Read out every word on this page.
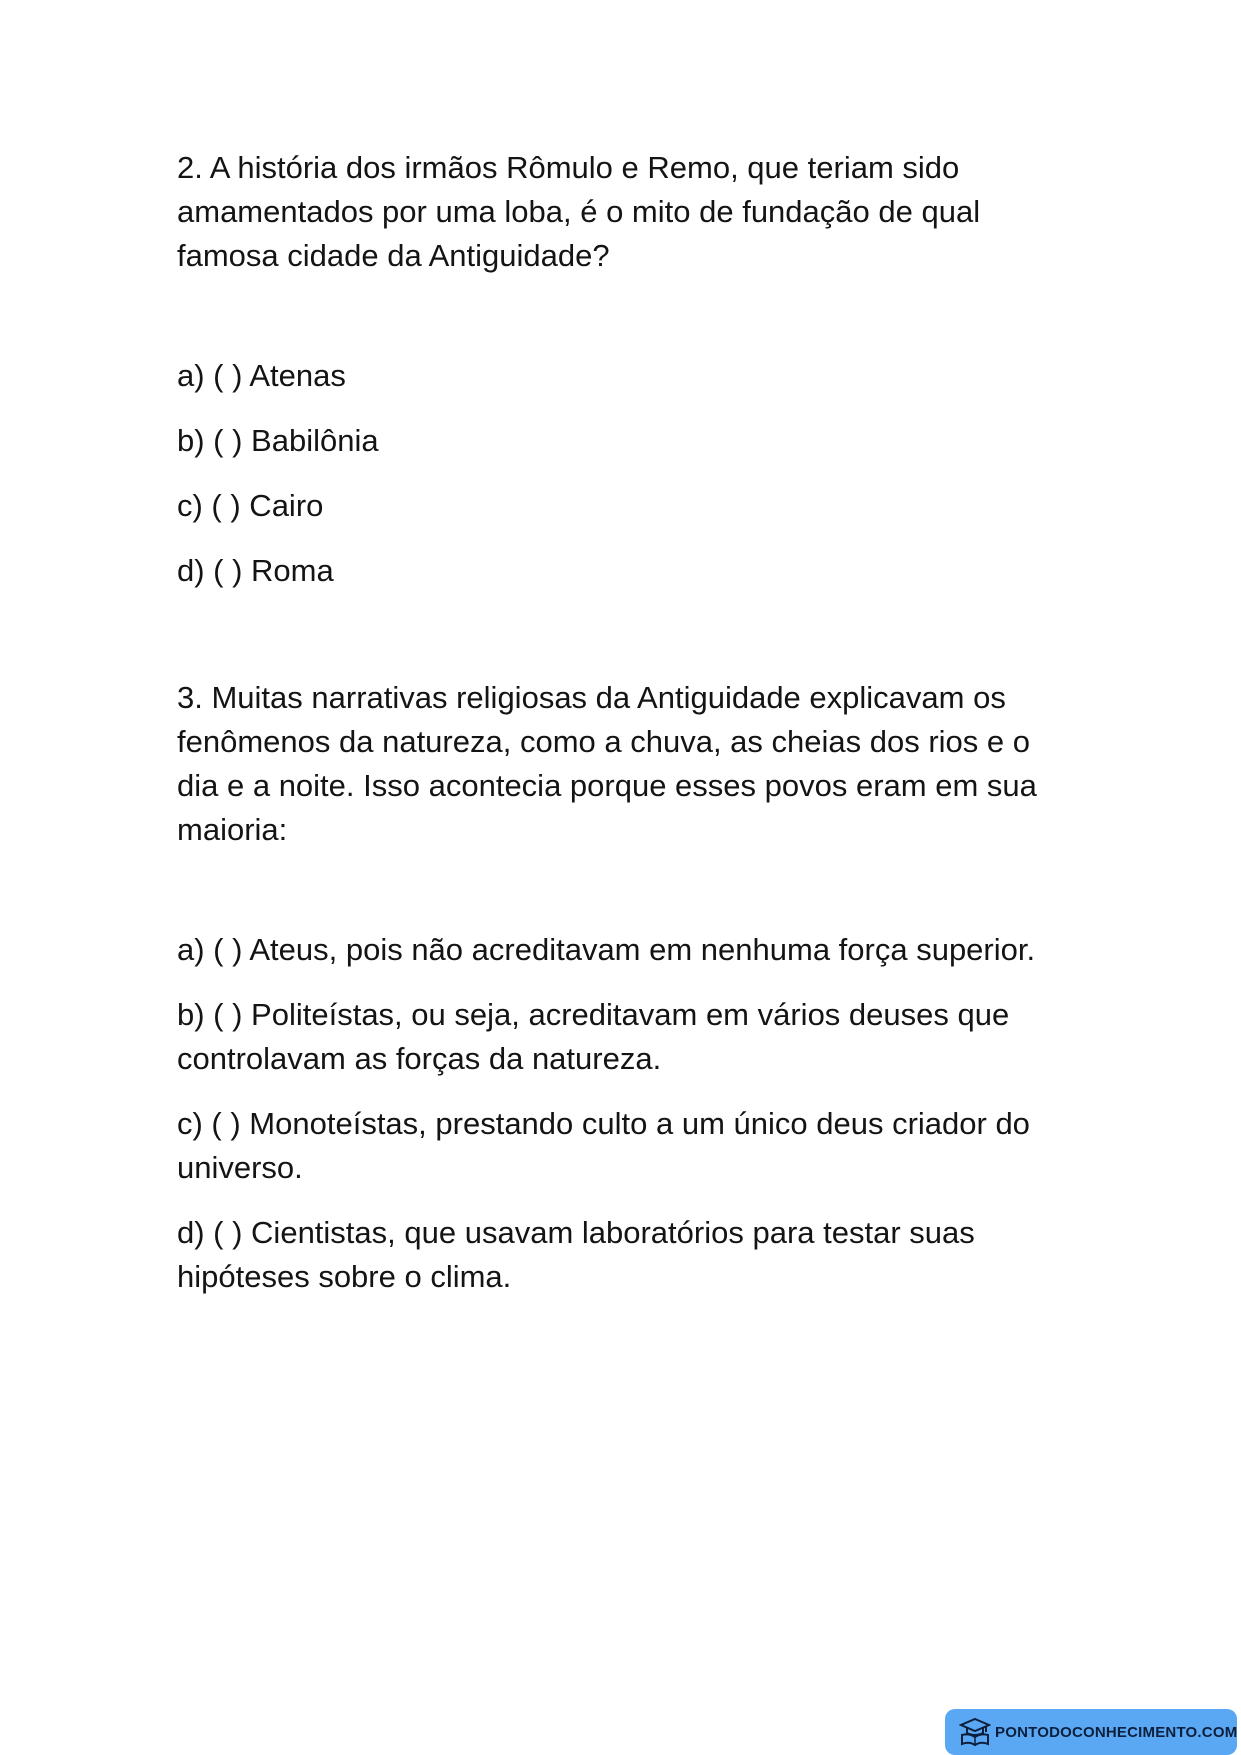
2. A história dos irmãos Rômulo e Remo, que teriam sido amamentados por uma loba, é o mito de fundação de qual famosa cidade da Antiguidade?

a) ( ) Atenas
b) ( ) Babilônia
c) ( ) Cairo
d) ( ) Roma

3. Muitas narrativas religiosas da Antiguidade explicavam os fenômenos da natureza, como a chuva, as cheias dos rios e o dia e a noite. Isso acontecia porque esses povos eram em sua maioria:

a) ( ) Ateus, pois não acreditavam em nenhuma força superior.
b) ( ) Politeístas, ou seja, acreditavam em vários deuses que controlavam as forças da natureza.
c) ( ) Monoteístas, prestando culto a um único deus criador do universo.
d) ( ) Cientistas, que usavam laboratórios para testar suas hipóteses sobre o clima.
PONTODOCONHECIMENTO.COM
